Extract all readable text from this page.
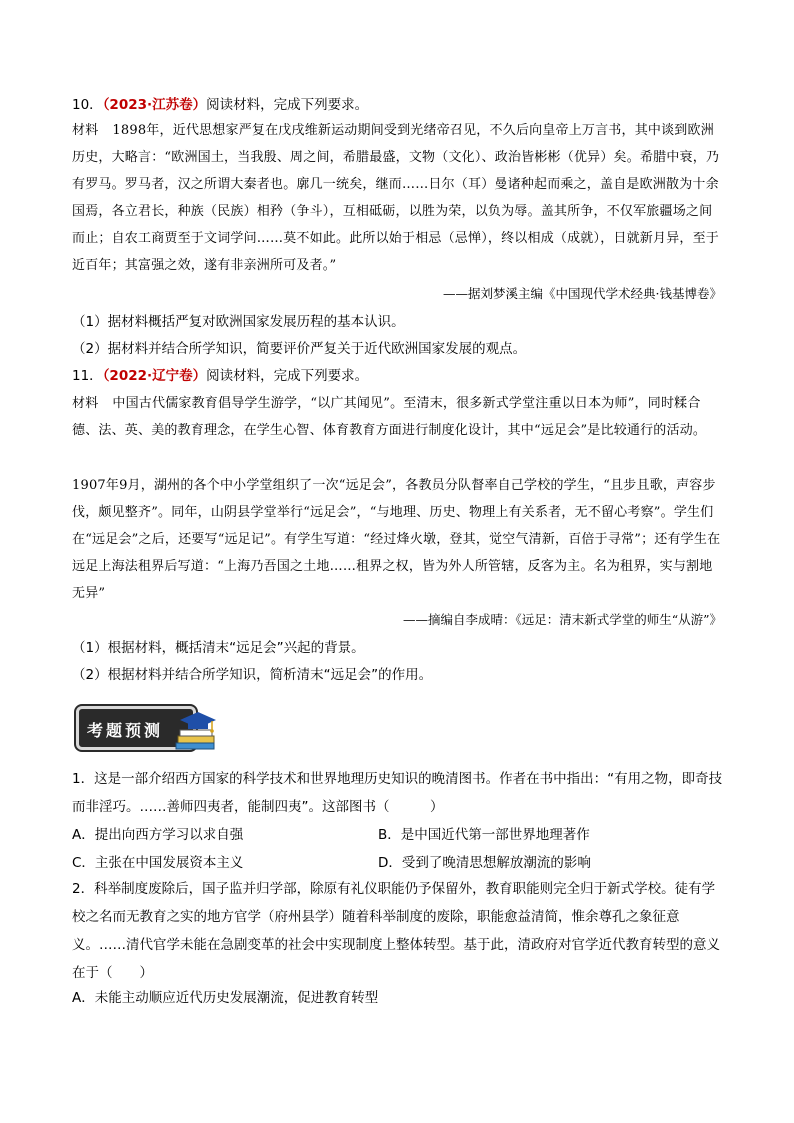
10．（2023·江苏卷）阅读材料，完成下列要求。
材料 1898年，近代思想家严复在戊戌维新运动期间受到光绪帝召见，不久后向皇帝上万言书，其中谈到欧洲历史，大略言：“欧洲国土，当我殷、周之间，希腊最盛，文物（文化）、政治皆彬彬（优异）矣。希腊中衰，乃有罗马。罗马者，汉之所谓大秦者也。廓几一统矣，继而……日尔（耳）曼诸种起而乘之，盖自是欧洲散为十余国焉，各立君长，种族（民族）相矜（争斗），互相砥砺，以胜为荣，以负为辱。盖其所争，不仅军旅疆场之间而止；自农工商贾至于文词学问……莫不如此。此所以始于相忌（忌惮），终以相成（成就），日就新月异，至于近百年；其富强之效，遂有非亲洲所可及者。”
——据刘梦溪主编《中国现代学术经典·钱基博卷》
（1）据材料概括严复对欧洲国家发展历程的基本认识。
（2）据材料并结合所学知识，简要评价严复关于近代欧洲国家发展的观点。
11．（2022·辽宁卷）阅读材料，完成下列要求。
材料 中国古代儒家教育倡导学生游学，“以广其闻见”。至清末，很多新式学堂注重以日本为师”，同时糅合德、法、英、美的教育理念，在学生心智、体育教育方面进行制度化设计，其中“远足会”是比较通行的活动。
1907年9月，湖州的各个中小学堂组织了一次“远足会”，各教员分队督率自己学校的学生，“且步且歌，声容步伐，颇见整齐”。同年，山阴县学堂举行“远足会”，“与地理、历史、物理上有关系者，无不留心考察”。学生们在“远足会”之后，还要写“远足记”。有学生写道：“经过烽火墩，登其，觉空气清新，百倍于寻常”；还有学生在远足上海法租界后写道：“上海乃吾国之土地……租界之权，皆为外人所管辖，反客为主。名为租界，实与割地无异”
——摘编自李成晴：《远足：清末新式学堂的师生“从游”》
（1）根据材料，概括清末“远足会”兴起的背景。
（2）根据材料并结合所学知识，简析清末“远足会”的作用。
考题预测
1．这是一部介绍西方国家的科学技术和世界地理历史知识的晚清图书。作者在书中指出：“有用之物，即奇技而非淫巧。……善师四夷者，能制四夷”。这部图书（　　　）
A．提出向西方学习以求自强	B．是中国近代第一部世界地理著作
C．主张在中国发展资本主义	D．受到了晚清思想解放潮流的影响
2．科举制度废除后，国子监并归学部，除原有礼仪职能仍予保留外，教育职能则完全归于新式学校。徒有学校之名而无教育之实的地方官学（府州县学）随着科举制度的废除，职能愈益清简，惟余尊孔之象征意义。……清代官学未能在急剧变革的社会中实现制度上整体转型。基于此，清政府对官学近代教育转型的意义在于（　　）
A．未能主动顺应近代历史发展潮流，促进教育转型
